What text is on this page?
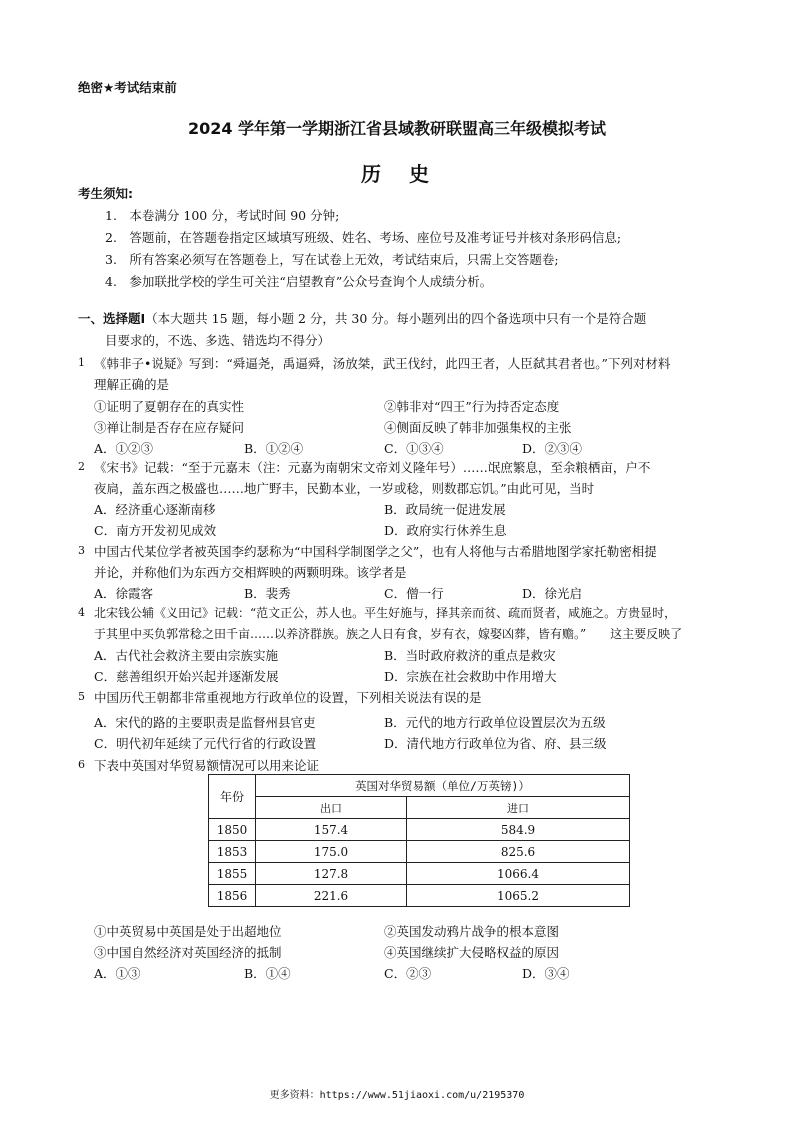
绝密★考试结束前
2024 学年第一学期浙江省县域教研联盟高三年级模拟考试
历　史
考生须知:
1.　本卷满分 100 分，考试时间 90 分钟;
2.　答题前，在答题卷指定区域填写班级、姓名、考场、座位号及准考证号并核对条形码信息;
3.　所有答案必须写在答题卷上，写在试卷上无效，考试结束后，只需上交答题卷;
4.　参加联批学校的学生可关注“启望教育”公众号查询个人成绩分析。
一、选择题Ⅰ（本大题共 15 题，每小题 2 分，共 30 分。每小题列出的四个备选项中只有一个是符合题
目要求的，不选、多选、错选均不得分）
1 《韩非子•说疑》写到：“舜逼尧，禹逼舜，汤放桀，武王伐纣，此四王者，人臣弑其君者也。”下列对材料
理解正确的是
①证明了夏朝存在的真实性	②韩非对“四王”行为持否定态度
③禅让制是否存在应存疑问	④侧面反映了韩非加强集权的主张
A．①②③	B．①②④	C．①③④	D．②③④
2 《宋书》记载：“至于元嘉末（注：元嘉为南朝宋文帝刘义隆年号）……氓庶繁息，至余粮栖亩，户不
夜扃，盖东西之极盛也……地广野丰，民勤本业，一岁或稔，则数郡忘饥。”由此可见，当时
A．经济重心逐渐南移	B．政局统一促进发展
C．南方开发初见成效	D．政府实行休养生息
3 中国古代某位学者被英国李约瑟称为“中国科学制图学之父”，也有人将他与古希腊地图学家托勒密相提
并论，并称他们为东西方交相辉映的两颗明珠。该学者是
A．徐霞客	B．裴秀	C．僧一行	D．徐光启
4 北宋钱公辅《义田记》记载：“范文正公，苏人也。平生好施与，择其亲而贫、疏而贤者，咸施之。方贵显时，
于其里中买负郭常稔之田千亩……以养济群族。族之人日有食，岁有衣，嫁娶凶葬，皆有赡。”　　这主要反映了
A．古代社会救济主要由宗族实施	B．当时政府救济的重点是救灾
C．慈善组织开始兴起并逐渐发展	D．宗族在社会救助中作用增大
5 中国历代王朝都非常重视地方行政单位的设置，下列相关说法有误的是
A．宋代的路的主要职责是监督州县官吏	B．元代的地方行政单位设置层次为五级
C．明代初年延续了元代行省的行政设置	D．清代地方行政单位为省、府、县三级
6 下表中英国对华贸易额情况可以用来论证
年份	英国对华贸易额（单位/万英镑)）	
	出口	进口
1850	157.4	584.9
1853	175.0	825.6
1855	127.8	1066.4
1856	221.6	1065.2
①中英贸易中英国是处于出超地位	②英国发动鸦片战争的根本意图
③中国自然经济对英国经济的抵制	④英国继续扩大侵略权益的原因
A．①③	B．①④	C．②③	D．③④
更多资料：https://www.51jiaoxi.com/u/2195370
